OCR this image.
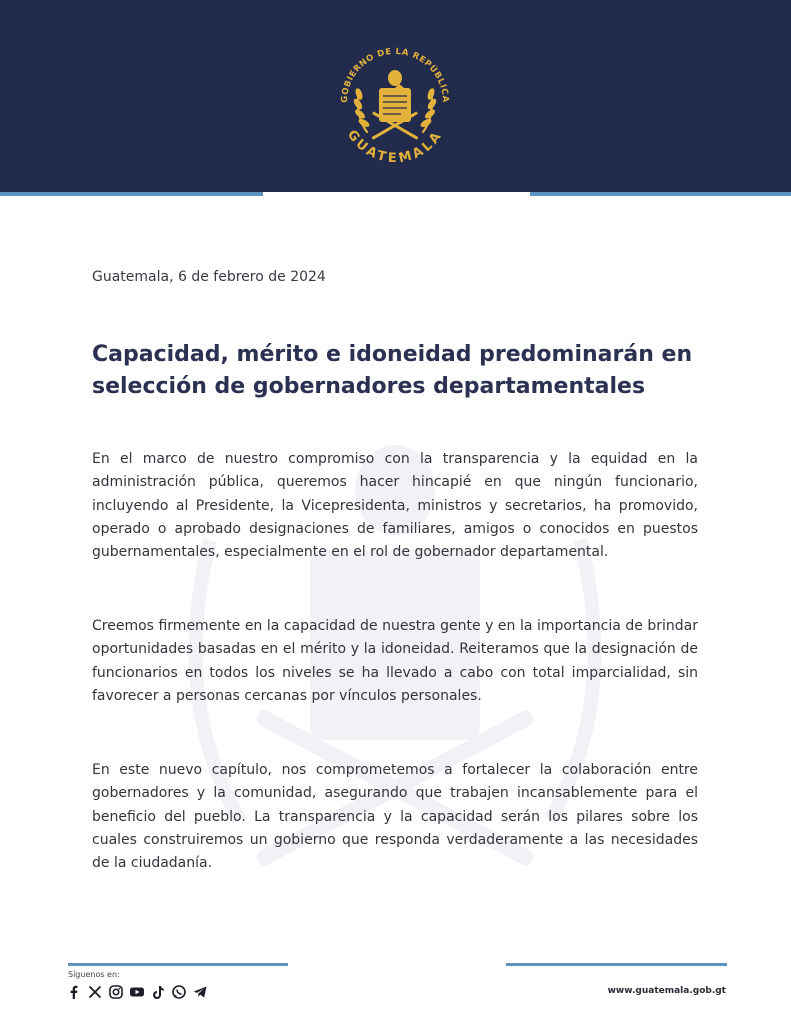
GOBIERNO DE LA REPÚBLICA
GUATEMALA
Guatemala, 6 de febrero de 2024
Capacidad, mérito e idoneidad predominarán en
selección de gobernadores departamentales

En el marco de nuestro compromiso con la transparencia y la equidad en la administración pública, queremos hacer hincapié en que ningún funcionario, incluyendo al Presidente, la Vicepresidenta, ministros y secretarios, ha promovido, operado o aprobado designaciones de familiares, amigos o conocidos en puestos gubernamentales, especialmente en el rol de gobernador departamental.

Creemos firmemente en la capacidad de nuestra gente y en la importancia de brindar oportunidades basadas en el mérito y la idoneidad. Reiteramos que la designación de funcionarios en todos los niveles se ha llevado a cabo con total imparcialidad, sin favorecer a personas cercanas por vínculos personales.

En este nuevo capítulo, nos comprometemos a fortalecer la colaboración entre gobernadores y la comunidad, asegurando que trabajen incansablemente para el beneficio del pueblo. La transparencia y la capacidad serán los pilares sobre los cuales construiremos un gobierno que responda verdaderamente a las necesidades de la ciudadanía.

Síguenos en:
www.guatemala.gob.gt
